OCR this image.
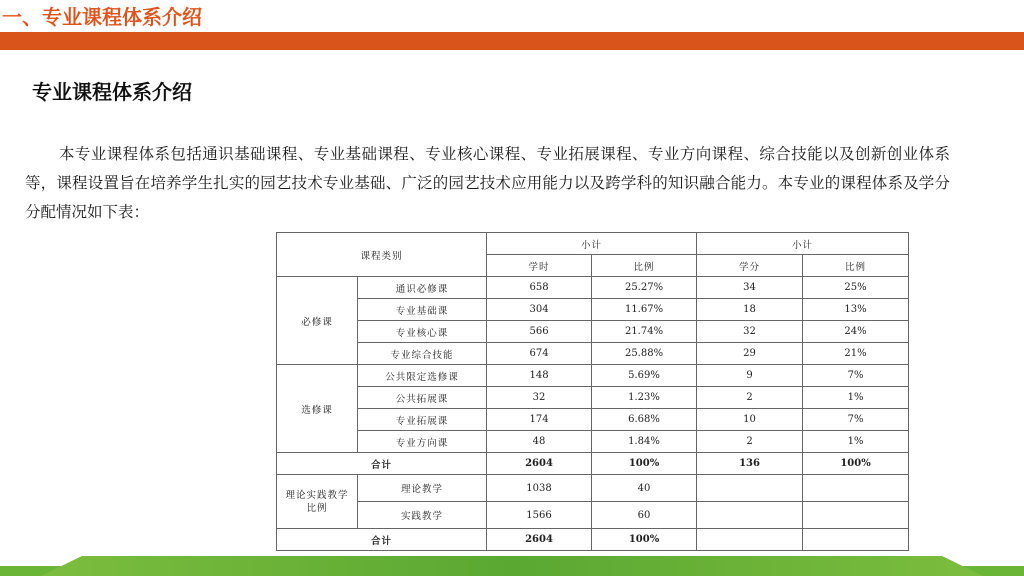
一、专业课程体系介绍
专业课程体系介绍

本专业课程体系包括通识基础课程、专业基础课程、专业核心课程、专业拓展课程、专业方向课程、综合技能以及创新创业体系等，课程设置旨在培养学生扎实的园艺技术专业基础、广泛的园艺技术应用能力以及跨学科的知识融合能力。本专业的课程体系及学分分配情况如下表：

课程类别		小计		小计	
		学时	比例	学分	比例
必修课	通识必修课	658	25.27%	34	25%
	专业基础课	304	11.67%	18	13%
	专业核心课	566	21.74%	32	24%
	专业综合技能	674	25.88%	29	21%
选修课	公共限定选修课	148	5.69%	9	7%
	公共拓展课	32	1.23%	2	1%
	专业拓展课	174	6.68%	10	7%
	专业方向课	48	1.84%	2	1%
合计		2604	100%	136	100%
理论实践教学比例	理论教学	1038	40		
	实践教学	1566	60		
合计		2604	100%		
